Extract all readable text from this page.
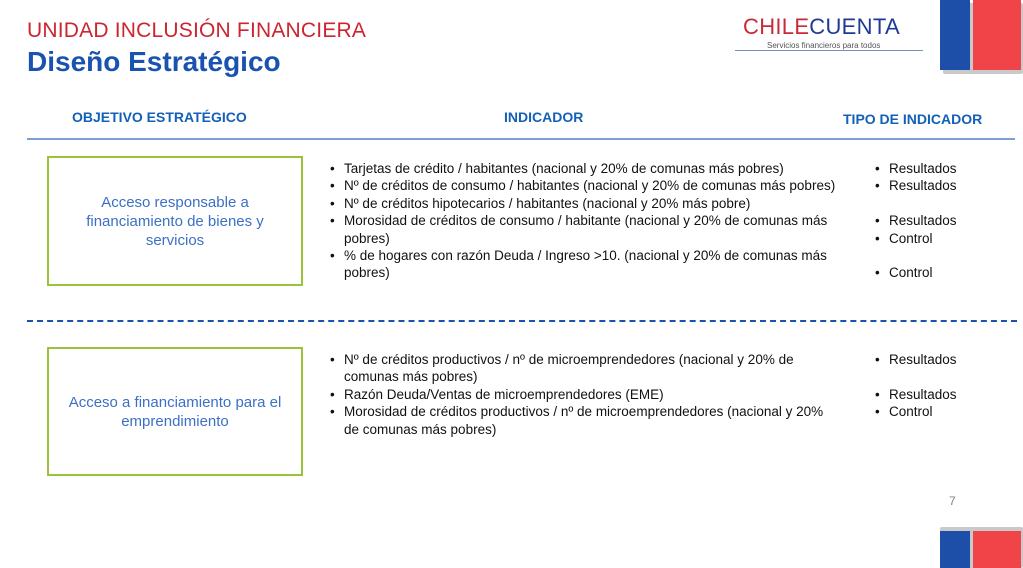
UNIDAD INCLUSIÓN FINANCIERA
Diseño Estratégico
CHILECUENTA
Servicios financieros para todos
OBJETIVO ESTRATÉGICO	INDICADOR	TIPO DE INDICADOR
Acceso responsable a financiamiento de bienes y servicios
• Tarjetas de crédito / habitantes (nacional y 20% de comunas más pobres)
• Nº de créditos de consumo / habitantes (nacional y 20% de comunas más pobres)
• Nº de créditos hipotecarios / habitantes (nacional y 20% más pobre)
• Morosidad de créditos de consumo / habitante (nacional y 20% de comunas más pobres)
• % de hogares con razón Deuda / Ingreso >10. (nacional y 20% de comunas más pobres)
• Resultados
• Resultados
• Resultados
• Control
• Control
Acceso a financiamiento para el emprendimiento
• Nº de créditos productivos / nº de microemprendedores (nacional y 20% de comunas más pobres)
• Razón Deuda/Ventas de microemprendedores (EME)
• Morosidad de créditos productivos / nº de microemprendedores (nacional y 20% de comunas más pobres)
• Resultados
• Resultados
• Control
7
